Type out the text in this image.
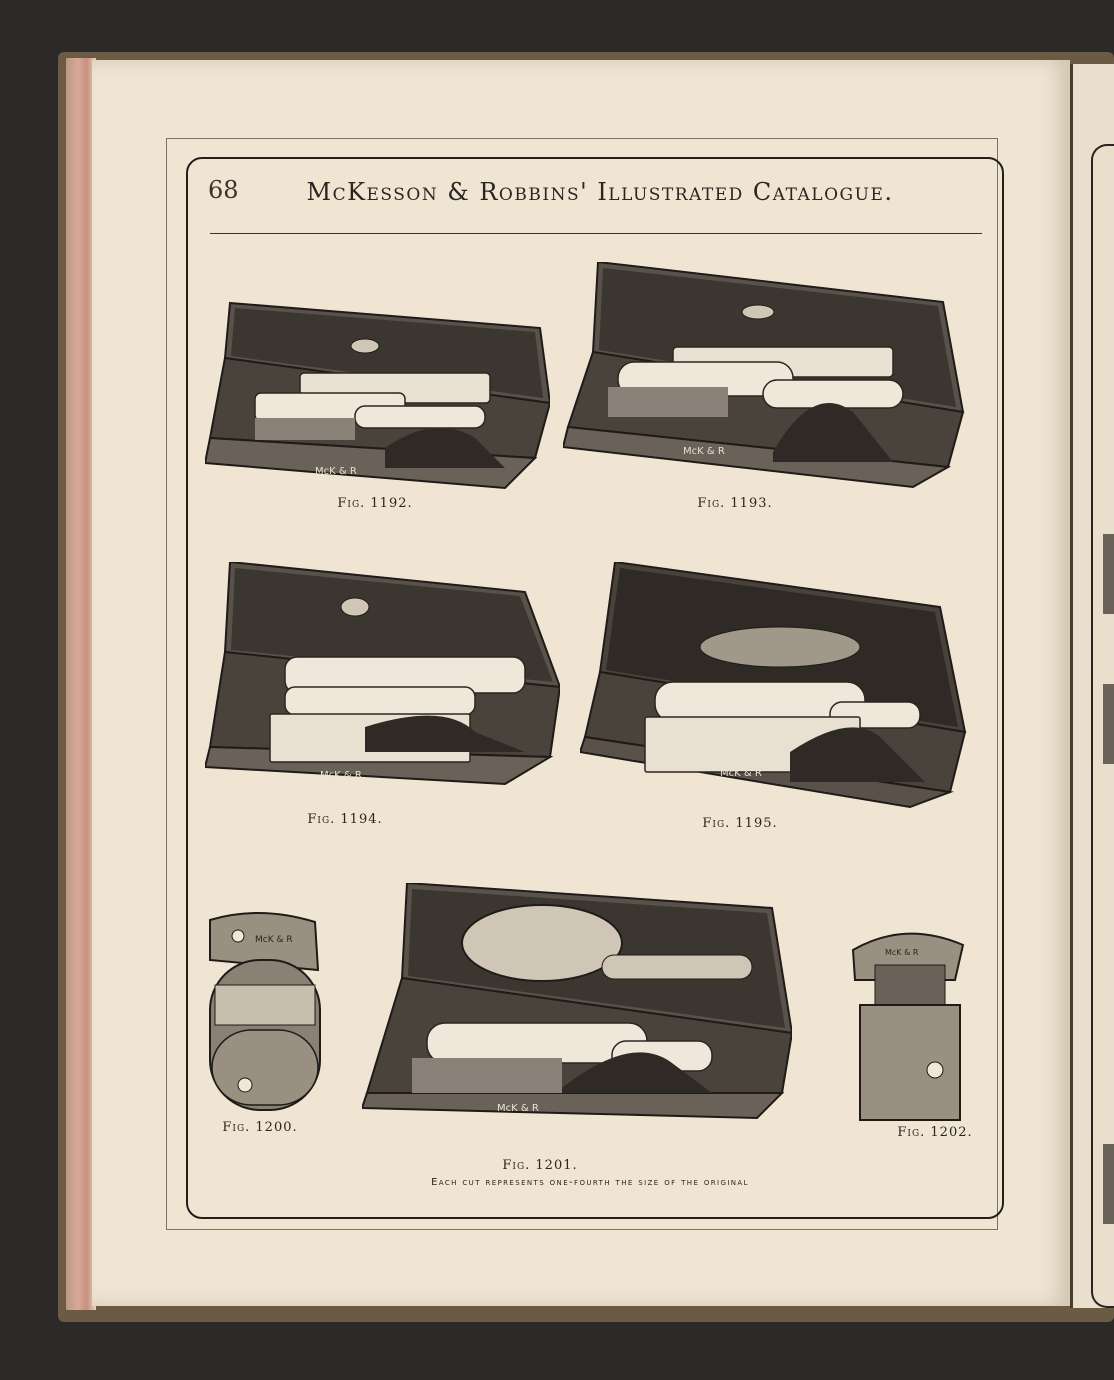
68	McKesson & Robbins' Illustrated Catalogue.
McK & R
Fig. 1192.
McK & R
Fig. 1193.
McK & R
Fig. 1194.
McK & R
Fig. 1195.
McK & R
Fig. 1200.
McK & R
Fig. 1201.
McK & R
Fig. 1202.
Each cut represents one-fourth the size of the original
